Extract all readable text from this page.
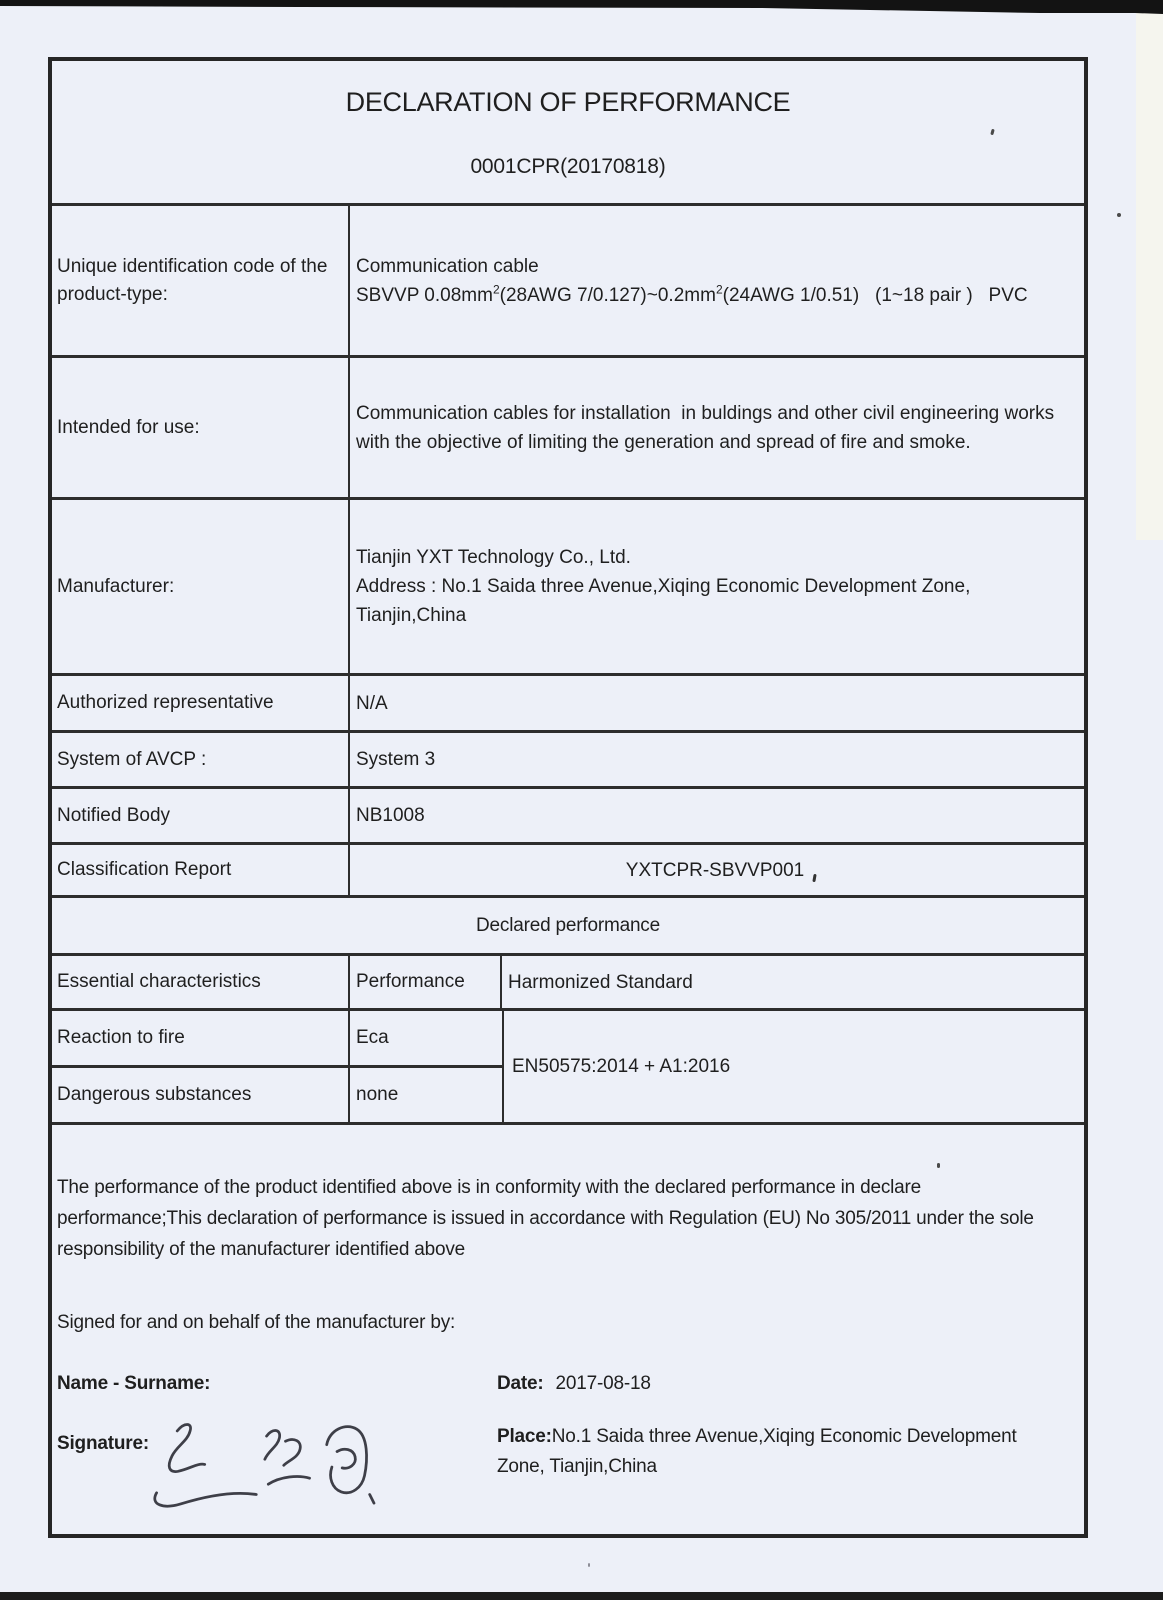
DECLARATION OF PERFORMANCE
0001CPR(20170818)
Unique identification code of the product-type:
Communication cable
SBVVP $0.08mm^2(28AWG$ $7/0.127)\sim 0.2mm^2(24AWG$ 1/0.51)   (1~18 pair )   PVC
Intended for use:
Communication cables for installation  in buldings and other civil engineering works with the objective of limiting the generation and spread of fire and smoke.
Manufacturer:
Tianjin YXT Technology Co., Ltd.
Address : No.1 Saida three Avenue,Xiqing Economic Development Zone,
Tianjin,China
Authorized representative	N/A
System of AVCP :	System 3
Notified Body	NB1008
Classification Report	YXTCPR-SBVVP001
Declared performance
Essential characteristics	Performance	Harmonized Standard
Reaction to fire	Eca
Dangerous substances	none
EN50575:2014 + A1:2016
The performance of the product identified above is in conformity with the declared performance in declare performance;This declaration of performance is issued in accordance with Regulation (EU) No 305/2011 under the sole responsibility of the manufacturer identified above
Signed for and on behalf of the manufacturer by:
Name - Surname:	Date: 2017-08-18
Place:No.1 Saida three Avenue,Xiqing Economic Development Zone, Tianjin,China
Signature:
